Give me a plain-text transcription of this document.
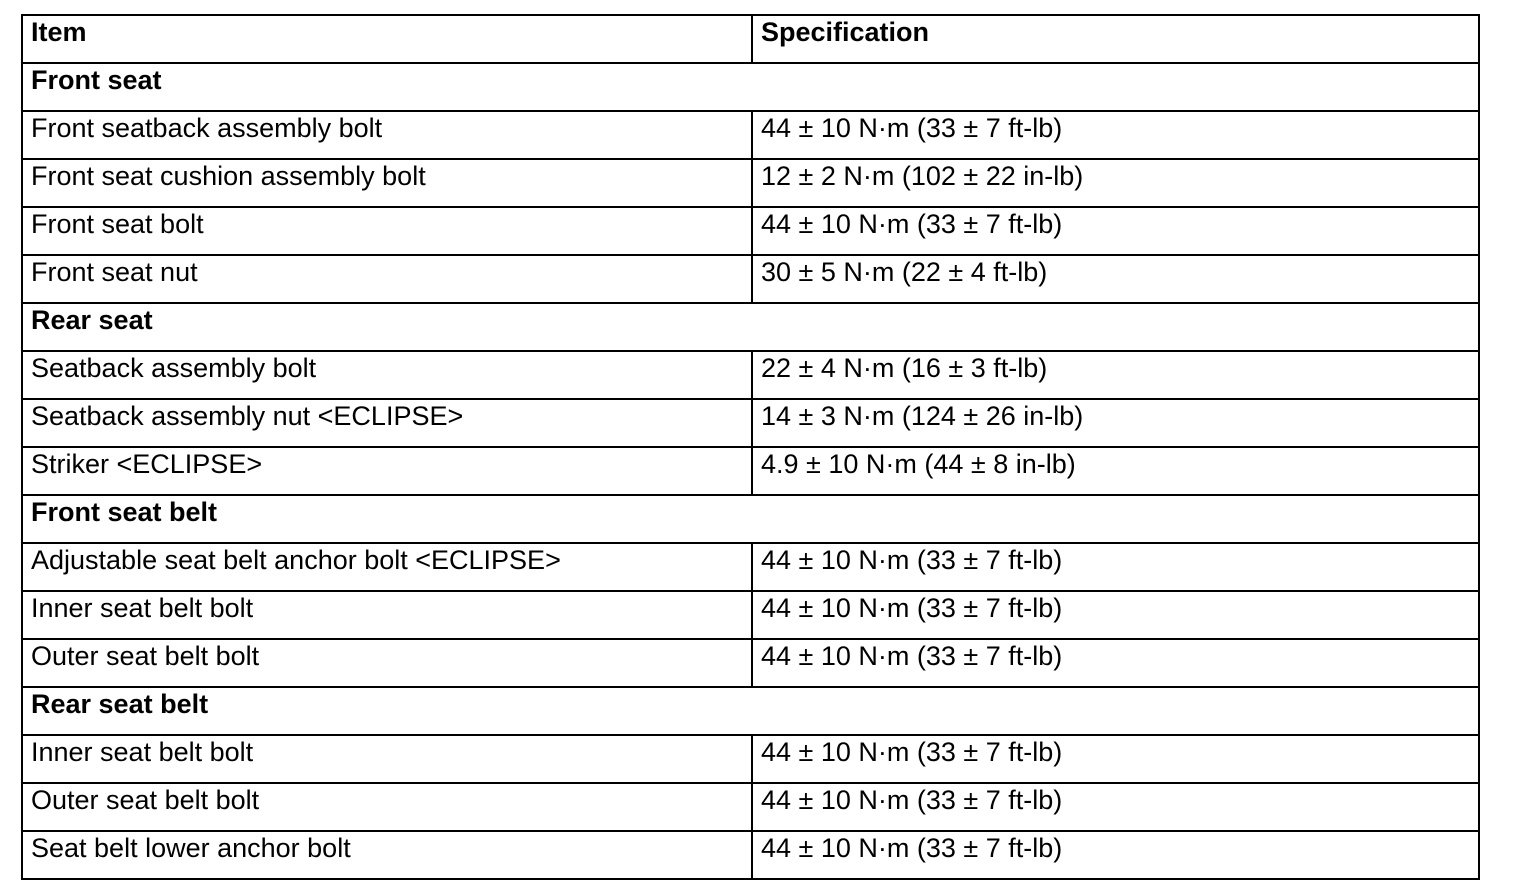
Item	Specification
Front seat	
Front seatback assembly bolt	44 ± 10 N·m (33 ± 7 ft-lb)
Front seat cushion assembly bolt	12 ± 2 N·m (102 ± 22 in-lb)
Front seat bolt	44 ± 10 N·m (33 ± 7 ft-lb)
Front seat nut	30 ± 5 N·m (22 ± 4 ft-lb)
Rear seat	
Seatback assembly bolt	22 ± 4 N·m (16 ± 3 ft-lb)
Seatback assembly nut <ECLIPSE>	14 ± 3 N·m (124 ± 26 in-lb)
Striker <ECLIPSE>	4.9 ± 10 N·m (44 ± 8 in-lb)
Front seat belt	
Adjustable seat belt anchor bolt <ECLIPSE>	44 ± 10 N·m (33 ± 7 ft-lb)
Inner seat belt bolt	44 ± 10 N·m (33 ± 7 ft-lb)
Outer seat belt bolt	44 ± 10 N·m (33 ± 7 ft-lb)
Rear seat belt	
Inner seat belt bolt	44 ± 10 N·m (33 ± 7 ft-lb)
Outer seat belt bolt	44 ± 10 N·m (33 ± 7 ft-lb)
Seat belt lower anchor bolt	44 ± 10 N·m (33 ± 7 ft-lb)
